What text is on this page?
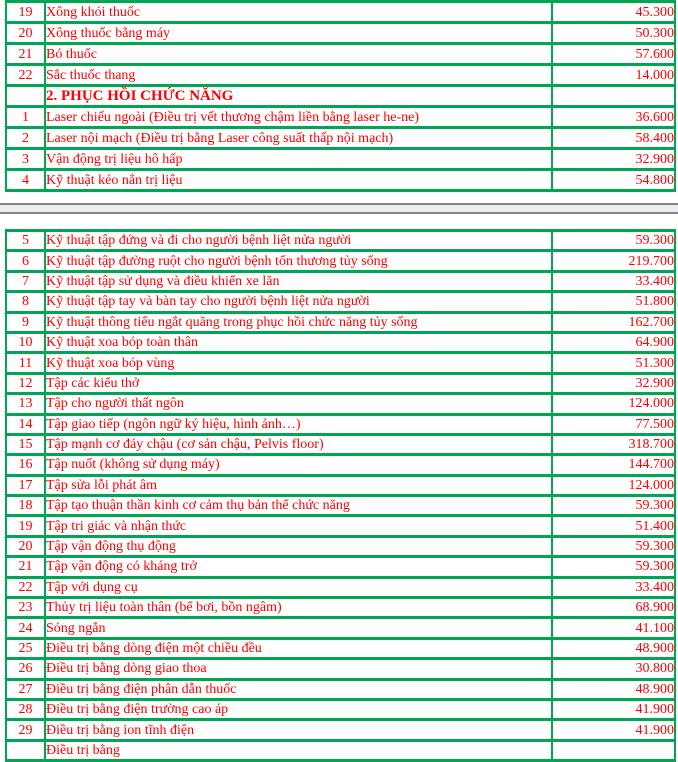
19	Xông khói thuốc	45.300
20	Xông thuốc bằng máy	50.300
21	Bó thuốc	57.600
22	Sắc thuốc thang	14.000
	2. PHỤC HỒI CHỨC NĂNG	
1	Laser chiếu ngoài (Điều trị vết thương chậm liền bằng laser he-ne)	36.600
2	Laser nội mạch (Điều trị bằng Laser công suất thấp nội mạch)	58.400
3	Vận động trị liệu hô hấp	32.900
4	Kỹ thuật kéo nắn trị liệu	54.800
5	Kỹ thuật tập đứng và đi cho người bệnh liệt nửa người	59.300
6	Kỹ thuật tập đường ruột cho người bệnh tổn thương tủy sống	219.700
7	Kỹ thuật tập sử dụng và điều khiển xe lăn	33.400
8	Kỹ thuật tập tay và bàn tay cho người bệnh liệt nửa người	51.800
9	Kỹ thuật thông tiểu ngắt quãng trong phục hồi chức năng tủy sống	162.700
10	Kỹ thuật xoa bóp toàn thân	64.900
11	Kỹ thuật xoa bóp vùng	51.300
12	Tập các kiểu thở	32.900
13	Tập cho người thất ngôn	124.000
14	Tập giao tiếp (ngôn ngữ ký hiệu, hình ảnh…)	77.500
15	Tập mạnh cơ đáy chậu (cơ sản chậu, Pelvis floor)	318.700
16	Tập nuốt (không sử dụng máy)	144.700
17	Tập sửa lỗi phát âm	124.000
18	Tập tạo thuận thần kinh cơ cảm thụ bản thể chức năng	59.300
19	Tập tri giác và nhận thức	51.400
20	Tập vận động thụ động	59.300
21	Tập vận động có kháng trở	59.300
22	Tập với dụng cụ	33.400
23	Thủy trị liệu toàn thân (bể bơi, bồn ngâm)	68.900
24	Sóng ngắn	41.100
25	Điều trị bằng dòng điện một chiều đều	48.900
26	Điều trị bằng dòng giao thoa	30.800
27	Điều trị bằng điện phân dẫn thuốc	48.900
28	Điều trị bằng điện trường cao áp	41.900
29	Điều trị bằng ion tĩnh điện	41.900
	Điều trị bằng	
